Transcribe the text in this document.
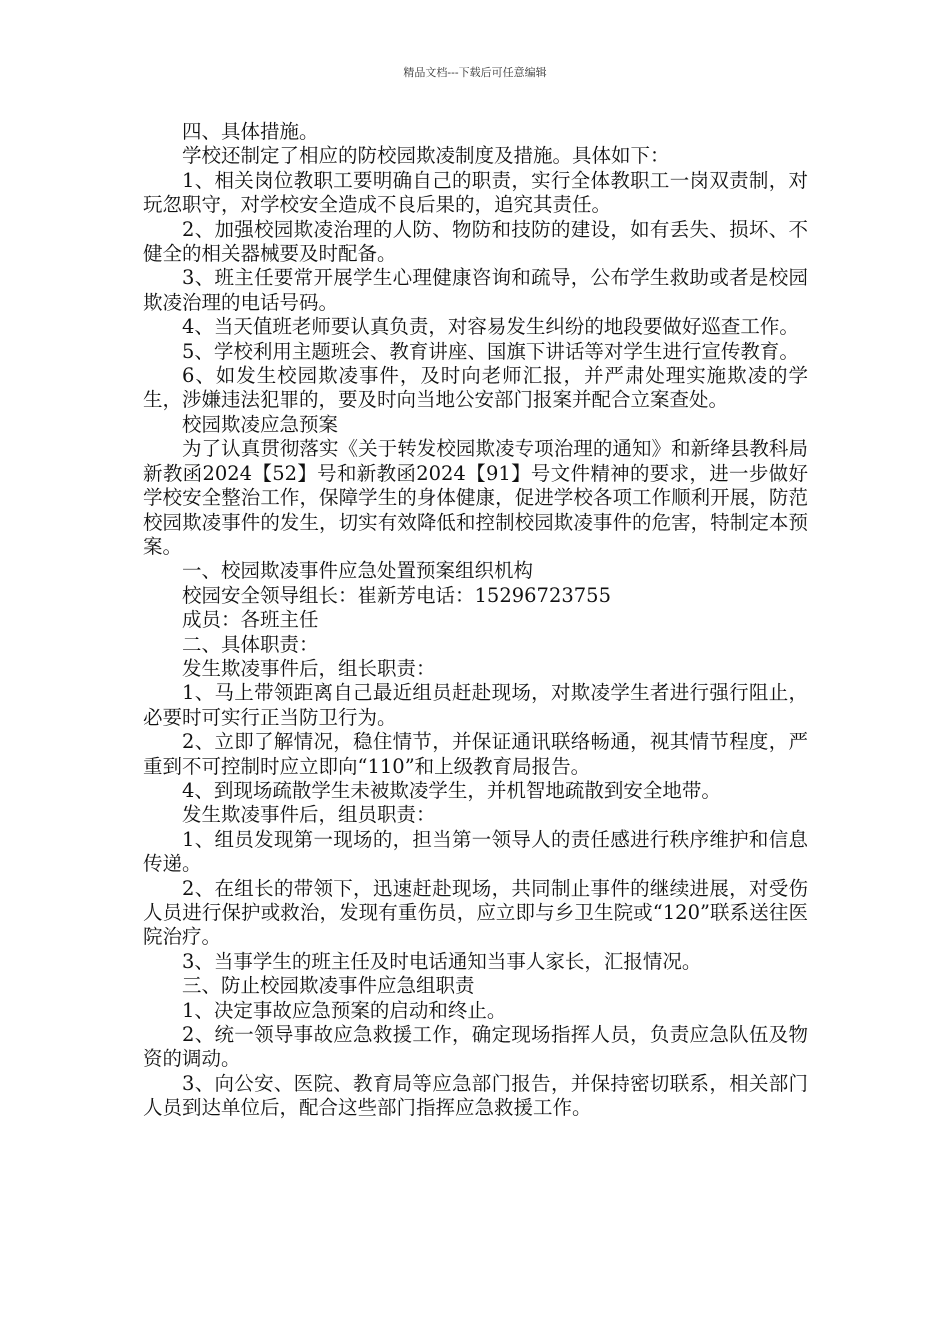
精品文档---下载后可任意编辑

四、具体措施。

学校还制定了相应的防校园欺凌制度及措施。具体如下：

1、相关岗位教职工要明确自己的职责，实行全体教职工一岗双责制，对玩忽职守，对学校安全造成不良后果的，追究其责任。

2、加强校园欺凌治理的人防、物防和技防的建设，如有丢失、损坏、不健全的相关器械要及时配备。

3、班主任要常开展学生心理健康咨询和疏导，公布学生救助或者是校园欺凌治理的电话号码。

4、当天值班老师要认真负责，对容易发生纠纷的地段要做好巡查工作。

5、学校利用主题班会、教育讲座、国旗下讲话等对学生进行宣传教育。

6、如发生校园欺凌事件，及时向老师汇报，并严肃处理实施欺凌的学生，涉嫌违法犯罪的，要及时向当地公安部门报案并配合立案查处。

校园欺凌应急预案

为了认真贯彻落实《关于转发校园欺凌专项治理的通知》和新绛县教科局新教函2024【52】号和新教函2024【91】号文件精神的要求，进一步做好学校安全整治工作，保障学生的身体健康，促进学校各项工作顺利开展，防范校园欺凌事件的发生，切实有效降低和控制校园欺凌事件的危害，特制定本预案。

一、校园欺凌事件应急处置预案组织机构

校园安全领导组长：崔新芳电话：15296723755

成员：各班主任

二、具体职责：

发生欺凌事件后，组长职责：

1、马上带领距离自己最近组员赶赴现场，对欺凌学生者进行强行阻止，必要时可实行正当防卫行为。

2、立即了解情况，稳住情节，并保证通讯联络畅通，视其情节程度，严重到不可控制时应立即向“110”和上级教育局报告。

4、到现场疏散学生未被欺凌学生，并机智地疏散到安全地带。

发生欺凌事件后，组员职责：

1、组员发现第一现场的，担当第一领导人的责任感进行秩序维护和信息传递。

2、在组长的带领下，迅速赶赴现场，共同制止事件的继续进展，对受伤人员进行保护或救治，发现有重伤员，应立即与乡卫生院或“120”联系送往医院治疗。

3、当事学生的班主任及时电话通知当事人家长，汇报情况。

三、防止校园欺凌事件应急组职责

1、决定事故应急预案的启动和终止。

2、统一领导事故应急救援工作，确定现场指挥人员，负责应急队伍及物资的调动。

3、向公安、医院、教育局等应急部门报告，并保持密切联系，相关部门人员到达单位后，配合这些部门指挥应急救援工作。
